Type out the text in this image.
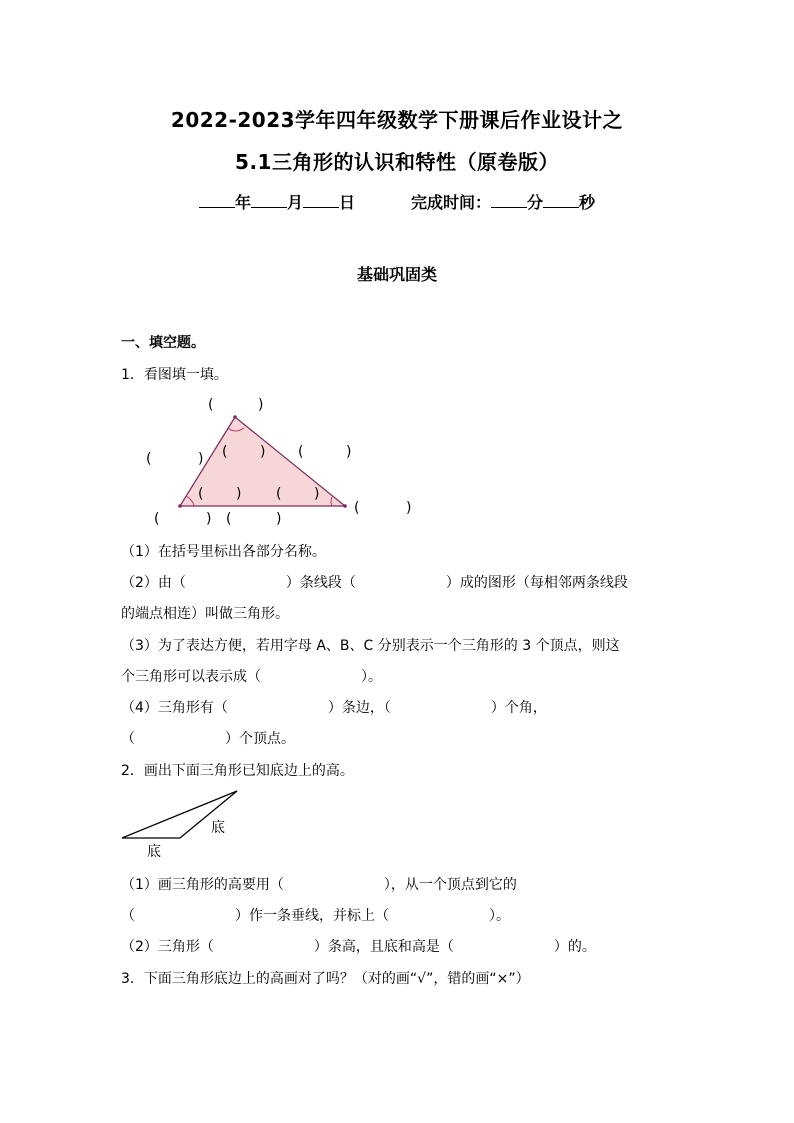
2022-2023学年四年级数学下册课后作业设计之
5.1三角形的认识和特性（原卷版）
年 月 日	完成时间： 分 秒
基础巩固类
一、填空题。
1．看图填一填。
(	)
(	) ( ) (	)
( ) ( )
(	) (	)
(	)
（1）在括号里标出各部分名称。
（2）由（	）条线段（	）成的图形（每相邻两条线段
的端点相连）叫做三角形。
（3）为了表达方便，若用字母 A、B、C 分别表示一个三角形的 3 个顶点，则这
个三角形可以表示成（	）。
（4）三角形有（	）条边，（	）个角，
（	）个顶点。
2．画出下面三角形已知底边上的高。
底
底
（1）画三角形的高要用（	），从一个顶点到它的
（	）作一条垂线，并标上（	）。
（2）三角形（	）条高，且底和高是（	）的。
3．下面三角形底边上的高画对了吗？（对的画“√”，错的画“×”）
